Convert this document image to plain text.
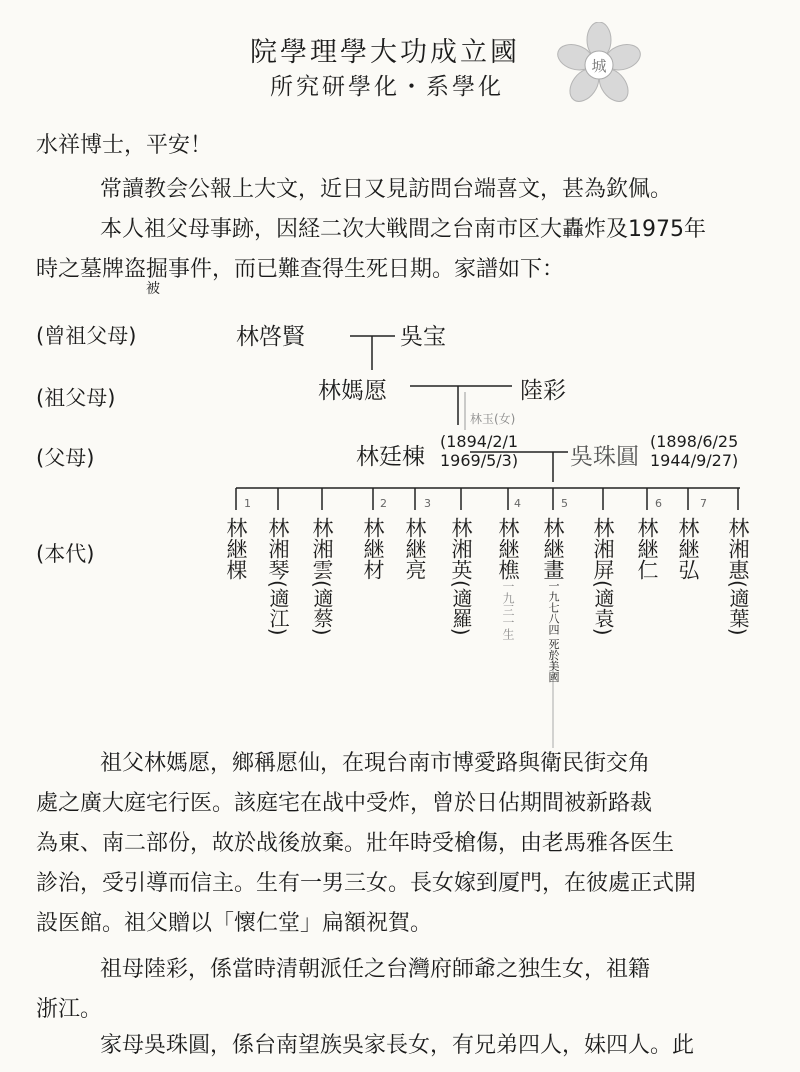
院學理學大功成立國
所究研學化・系學化
城
水祥博士，平安！
常讀教会公報上大文，近日又見訪問台端喜文，甚為欽佩。
本人祖父母事跡，因経二次大戦間之台南市区大轟炸及1975年
時之墓牌盗掘事件，而已難查得生死日期。家譜如下：
被
(曾祖父母)
(祖父母)
(父母)
(本代)
林啓賢	吳宝
林媽愿	陸彩
林玉(女)
林廷棟
(1894/2/1
1969/5/3) 吳珠圓
(1898/6/25
1944/9/27)
1	2	3	4	5	6	7
林継棵 林湘琴(適江)
林湘雲(適蔡)
林継材 林継亮 林湘英(適羅)
林継樵一九三一生
林継畫一九七八四 死於美國
林湘屏(適袁)
林継仁 林継弘 林湘惠(適葉)
祖父林媽愿，鄉稱愿仙，在現台南市博愛路與衛民街交角
處之廣大庭宅行医。該庭宅在战中受炸，曾於日佔期間被新路裁
為東、南二部份，故於战後放棄。壯年時受槍傷，由老馬雅各医生
診治，受引導而信主。生有一男三女。長女嫁到厦門，在彼處正式開
設医館。祖父贈以「懷仁堂」扁額祝賀。
祖母陸彩，係當時清朝派任之台灣府師爺之独生女，祖籍
浙江。
家母吳珠圓，係台南望族吳家長女，有兄弟四人，妹四人。此
